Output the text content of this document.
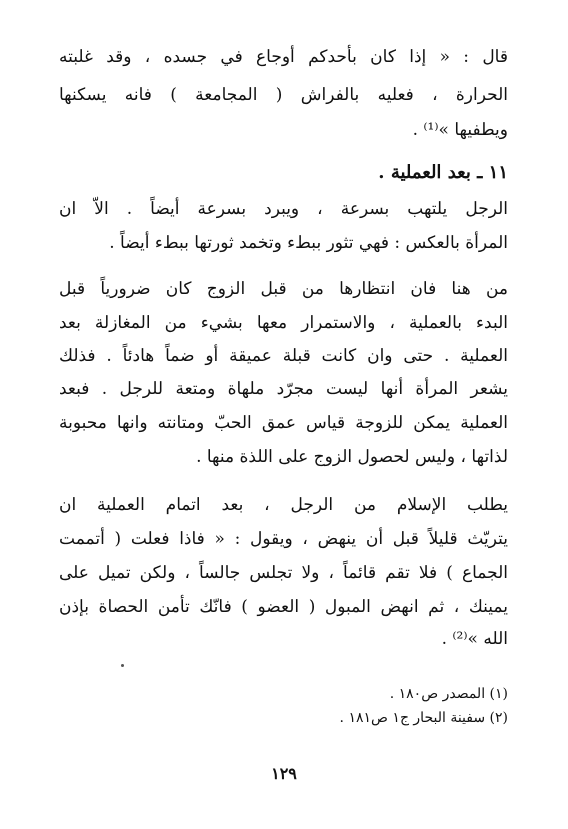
قال : « إذا كان بأحدكم أوجاع في جسده ، وقد غلبته
الحرارة ، فعليه بالفراش ( المجامعة ) فانه يسكنها
ويطفيها »⁽¹⁾ .
١١ ـ بعد العملية .
الرجل يلتهب بسرعة ، ويبرد بسرعة أيضاً . الاّ ان
المرأة بالعكس : فهي تثور ببطء وتخمد ثورتها ببطء أيضاً .
من هنا فان انتظارها من قبل الزوج كان ضرورياً قبل
البدء بالعملية ، والاستمرار معها بشيء من المغازلة بعد
العملية . حتى وان كانت قبلة عميقة أو ضماً هادئاً . فذلك
يشعر المرأة أنها ليست مجرّد ملهاة ومتعة للرجل . فبعد
العملية يمكن للزوجة قياس عمق الحبّ ومتانته وانها محبوبة
لذاتها ، وليس لحصول الزوج على اللذة منها .
يطلب الإسلام من الرجل ، بعد اتمام العملية ان
يتريّث قليلاً قبل أن ينهض ، ويقول : « فاذا فعلت ( أتممت
الجماع ) فلا تقم قائماً ، ولا تجلس جالساً ، ولكن تميل على
يمينك ، ثم انهض المبول ( العضو ) فانّك تأمن الحصاة بإذن
الله »⁽²⁾ .
(١) المصدر ص١٨٠ .
(٢) سفينة البحار ج١ ص١٨١ .
١٢٩
